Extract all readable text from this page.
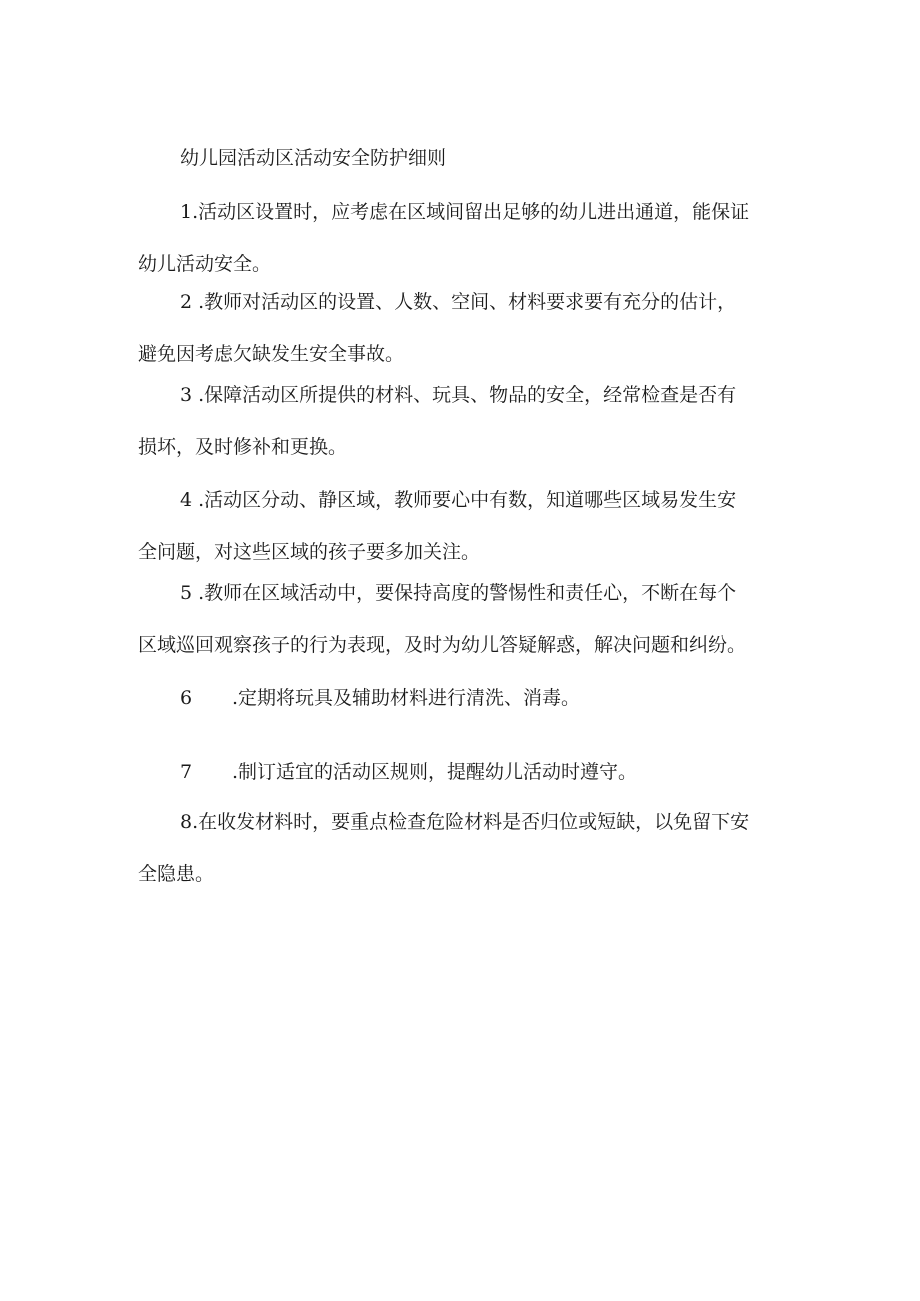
幼儿园活动区活动安全防护细则
1.活动区设置时，应考虑在区域间留出足够的幼儿进出通道，能保证
幼儿活动安全。
2 .教师对活动区的设置、人数、空间、材料要求要有充分的估计，
避免因考虑欠缺发生安全事故。
3 .保障活动区所提供的材料、玩具、物品的安全，经常检查是否有
损坏，及时修补和更换。
4 .活动区分动、静区域，教师要心中有数，知道哪些区域易发生安
全问题，对这些区域的孩子要多加关注。
5 .教师在区域活动中，要保持高度的警惕性和责任心，不断在每个
区域巡回观察孩子的行为表现，及时为幼儿答疑解惑，解决问题和纠纷。
6 .定期将玩具及辅助材料进行清洗、消毒。
7 .制订适宜的活动区规则，提醒幼儿活动时遵守。
8.在收发材料时，要重点检查危险材料是否归位或短缺，以免留下安
全隐患。
